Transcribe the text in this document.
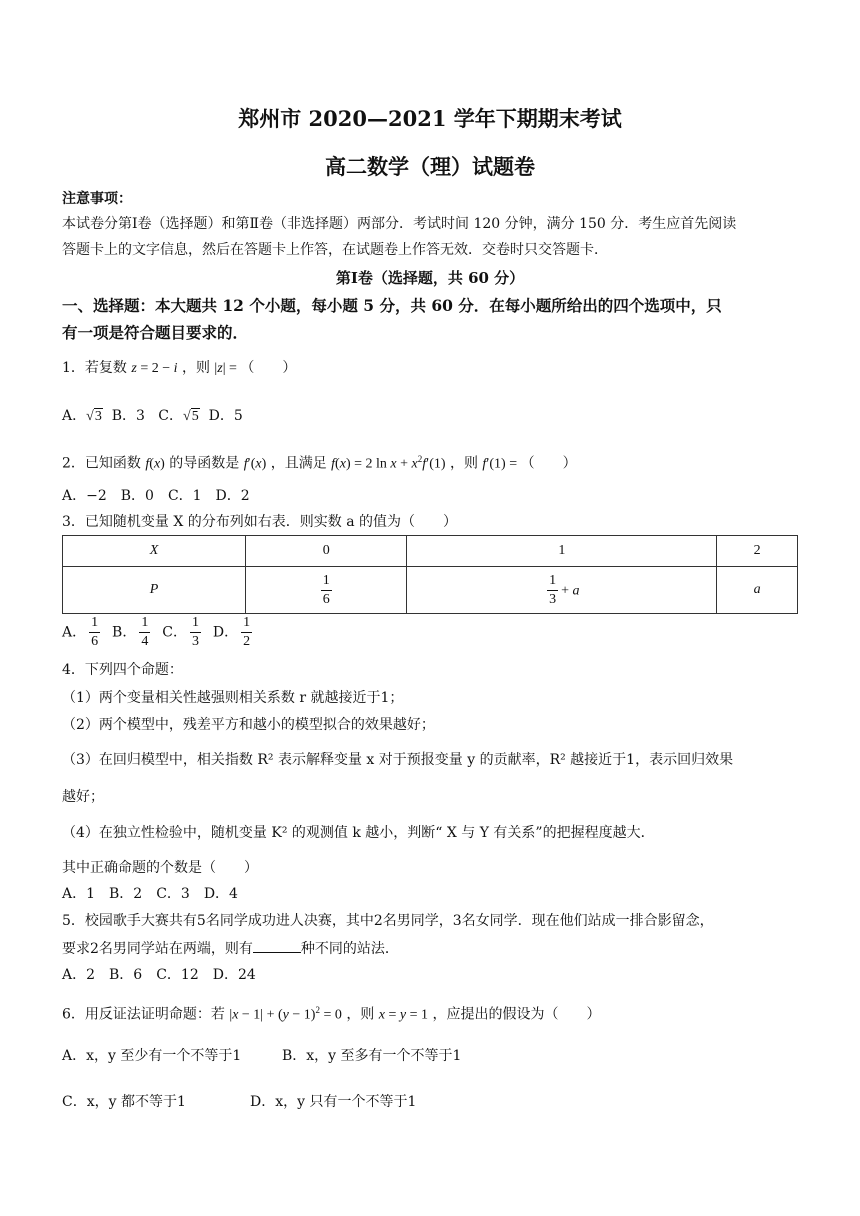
郑州市 2020—2021 学年下期期末考试
高二数学（理）试题卷
注意事项：
本试卷分第Ⅰ卷（选择题）和第Ⅱ卷（非选择题）两部分．考试时间 120 分钟，满分 150 分．考生应首先阅读
答题卡上的文字信息，然后在答题卡上作答，在试题卷上作答无效．交卷时只交答题卡．
第Ⅰ卷（选择题，共 60 分）
一、选择题：本大题共 12 个小题，每小题 5 分，共 60 分．在每小题所给出的四个选项中，只
有一项是符合题目要求的．
1．若复数 z = 2 − i ，则 |z| = （　　）
A．√3 B．3 C．√5 D．5
2．已知函数 f(x) 的导函数是 f′(x) ，且满足 f(x) = 2 $\ln x + x^2f'(1)$ ，则 f′(1) = （　　）
A．−2　B．0　C．1　D．2
3．已知随机变量 X 的分布列如右表．则实数 a 的值为（　　）
X	0	1	2
P	$\frac{1}{6}$	$\frac{1}{3} + a$	a
A． $\frac{1}{6}$ B． $\frac{1}{4}$ C． $\frac{1}{3}$ D． $\frac{1}{2}$
4．下列四个命题：
（1）两个变量相关性越强则相关系数 r 就越接近于1；
（2）两个模型中，残差平方和越小的模型拟合的效果越好；
（3）在回归模型中，相关指数 R² 表示解释变量 x 对于预报变量 y 的贡献率，R² 越接近于1，表示回归效果
越好；
（4）在独立性检验中，随机变量 K² 的观测值 k 越小，判断“ X 与 Y 有关系”的把握程度越大．
其中正确命题的个数是（　　）
A．1　B．2　C．3　D．4
5．校园歌手大赛共有5名同学成功进人决赛，其中2名男同学，3名女同学．现在他们站成一排合影留念，
要求2名男同学站在两端，则有	种不同的站法．
A．2　B．6　C．12　D．24
6．用反证法证明命题：若 $|x - 1| + (y - 1)^2 = 0$ ，则 x = y = 1 ，应提出的假设为（　　）
A．x，y 至少有一个不等于1	B．x，y 至多有一个不等于1
C．x，y 都不等于1	D．x，y 只有一个不等于1
